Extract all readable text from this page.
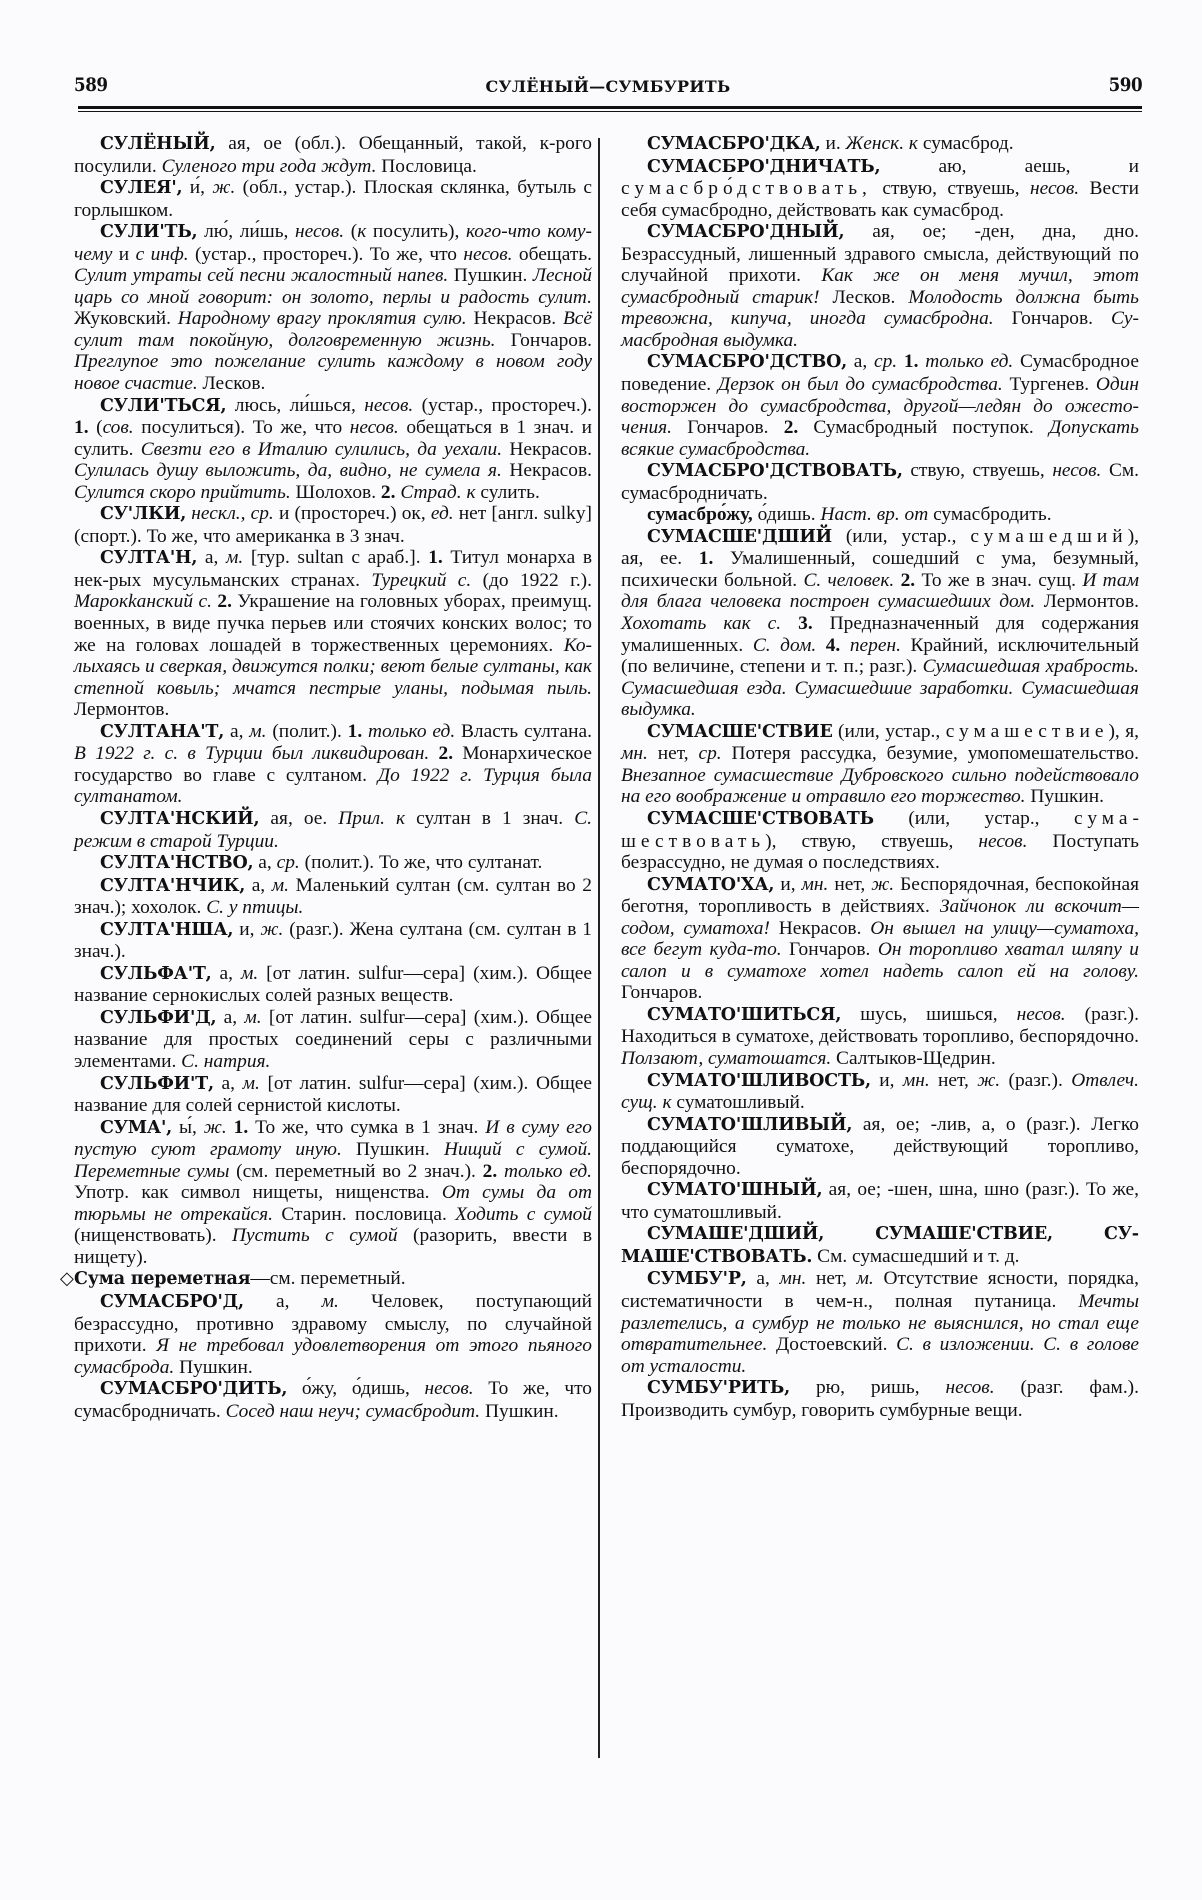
589	СУЛЁНЫЙ—СУМБУРИТЬ	590

СУЛЁНЫЙ, ая, ое (обл.). Обещанный, такой, к-рого посулили. Суленого три года ждут. Пословица.

СУЛЕЯ', и́, ж. (обл., устар.). Плоская склянка, бутыль с горлышком.

СУЛИ'ТЬ, лю́, ли́шь, несов. (к посулить), кого-что кому-чему и с инф. (устар., простореч.). То же, что несов. обещать. Сулит утраты сей песни жалостный напев. Пушкин. Лесной царь со мной говорит: он золото, перлы и радость сулит. Жуковский. Народному врагу проклятия сулю. Некрасов. Всё сулит там покойную, долговременную жизнь. Гончаров. Преглупое это пожелание сулить каждому в новом году новое счастие. Лесков.

СУЛИ'ТЬСЯ, люсь, ли́шься, несов. (устар., простореч.). 1. (сов. посулиться). То же, что несов. обещаться в 1 знач. и сулить. Свезти его в Италию сулились, да уехали. Некрасов. Сулилась душу выложить, да, видно, не сумела я. Некрасов. Сулится скоро прийтить. Шолохов. 2. Страд. к сулить.

СУ'ЛКИ, нескл., ср. и (простореч.) ок, ед. нет [англ. sulky] (спорт.). То же, что американка в 3 знач.

СУЛТА'Н, а, м. [тур. sultan с араб.]. 1. Титул монарха в нек-рых мусульманских странах. Турецкий с. (до 1922 г.). Марокkанский с. 2. Украшение на головных уборах, преимущ. военных, в виде пучка перьев или стоячих конских волос; то же на головах лошадей в торжественных церемониях. Колыхаясь и сверкая, движутся полки; веют белые султаны, как степной ковыль; мчатся пестрые уланы, подымая пыль. Лермонтов.

СУЛТАНА'Т, а, м. (полит.). 1. только ед. Власть султана. В 1922 г. с. в Турции был ликвидирован. 2. Монархическое государство во главе с султаном. До 1922 г. Турция была султанатом.

СУЛТА'НСКИЙ, ая, ое. Прил. к султан в 1 знач. С. режим в старой Турции.

СУЛТА'НСТВО, а, ср. (полит.). То же, что султанат.

СУЛТА'НЧИК, а, м. Маленький султан (см. султан во 2 знач.); хохолок. С. у птицы.

СУЛТА'НША, и, ж. (разг.). Жена султана (см. султан в 1 знач.).

СУЛЬФА'Т, а, м. [от латин. sulfur—сера] (хим.). Общее название сернокислых солей разных веществ.

СУЛЬФИ'Д, а, м. [от латин. sulfur—сера] (хим.). Общее название для простых соединений серы с различными элементами. С. натрия.

СУЛЬФИ'Т, а, м. [от латин. sulfur—сера] (хим.). Общее название для солей сернистой кислоты.

СУМА', ы́, ж. 1. То же, что сумка в 1 знач. И в суму его пустую суют грамоту иную. Пушкин. Нищий с сумой. Переметные сумы (см. переметный во 2 знач.). 2. только ед. Употр. как символ нищеты, нищенства. От сумы да от тюрьмы не отрекайся. Старин. пословица. Ходить с сумой (нищенствовать). Пустить с сумой (разорить, ввести в нищету).

◇ Сума переметная—см. переметный.

СУМАСБРО'Д, а, м. Человек, поступающий безрассудно, противно здравому смыслу, по случайной прихоти. Я не требовал удовлетворения от этого пьяного сумасброда. Пушкин.

СУМАСБРО'ДИТЬ, о́жу, о́дишь, несов. То же, что сумасбродничать. Сосед наш неуч; сумасбродит. Пушкин.

СУМАСБРО'ДКА, и. Женск. к сумасброд.

СУМАСБРО'ДНИЧАТЬ, аю, аешь, и сумасбро́дствовать, ствую, ствуешь, несов. Вести себя сумасбродно, действовать как сумасброд.

СУМАСБРО'ДНЫЙ, ая, ое; -ден, дна, дно. Безрассудный, лишенный здравого смысла, действующий по случайной прихоти. Как же он меня мучил, этот сумасбродный старик! Лесков. Молодость должна быть тревожна, кипуча, иногда сумасбродна. Гончаров. Сумасбродная выдумка.

СУМАСБРО'ДСТВО, а, ср. 1. только ед. Сумасбродное поведение. Дерзок он был до сумасбродства. Тургенев. Один восторжен до сумасбродства, другой—ледян до ожесточения. Гончаров. 2. Сумасбродный поступок. Допускать всякие сумасбродства.

СУМАСБРО'ДСТВОВАТЬ, ствую, ствуешь, несов. См. сумасбродничать.

сумасбро́жу, о́дишь. Наст. вр. от сумасбродить.

СУМАСШЕ'ДШИЙ (или, устар., сумашедший), ая, ее. 1. Умалишенный, сошедший с ума, безумный, психически больной. С. человек. 2. То же в знач. сущ. И там для блага человека построен сумасшедших дом. Лермонтов. Хохотать как с. 3. Предназначенный для содержания умалишенных. С. дом. 4. перен. Крайний, исключительный (по величине, степени и т. п.; разг.). Сумасшедшая храбрость. Сумасшедшая езда. Сумасшедшие заработки. Сумасшедшая выдумка.

СУМАСШЕ'СТВИЕ (или, устар., сумашествие), я, мн. нет, ср. Потеря рассудка, безумие, умопомешательство. Внезапное сумасшествие Дубровского сильно подействовало на его воображение и отравило его торжество. Пушкин.

СУМАСШЕ'СТВОВАТЬ (или, устар., сумашествовать), ствую, ствуешь, несов. Поступать безрассудно, не думая о последствиях.

СУМАТО'ХА, и, мн. нет, ж. Беспорядочная, беспокойная беготня, торопливость в действиях. Зайчонок ли вскочит—содом, суматоха! Некрасов. Он вышел на улицу—суматоха, все бегут куда-то. Гончаров. Он торопливо хватал шляпу и салоп и в суматохе хотел надеть салоп ей на голову. Гончаров.

СУМАТО'ШИТЬСЯ, шусь, шишься, несов. (разг.). Находиться в суматохе, действовать торопливо, беспорядочно. Ползают, суматошатся. Салтыков-Щедрин.

СУМАТО'ШЛИВОСТЬ, и, мн. нет, ж. (разг.). Отвлеч. сущ. к суматошливый.

СУМАТО'ШЛИВЫЙ, ая, ое; -лив, а, о (разг.). Легко поддающийся суматохе, действующий торопливо, беспорядочно.

СУМАТО'ШНЫЙ, ая, ое; -шен, шна, шно (разг.). То же, что суматошливый.

СУМАШЕ'ДШИЙ, СУМАШЕ'СТВИЕ, СУМАШЕ'СТВОВАТЬ. См. сумасшедший и т. д.

СУМБУ'Р, а, мн. нет, м. Отсутствие ясности, порядка, систематичности в чем-н., полная путаница. Мечты разлетелись, а сумбур не только не выяснился, но стал еще отвратительнее. Достоевский. С. в изложении. С. в голове от усталости.

СУМБУ'РИТЬ, рю, ришь, несов. (разг. фам.). Производить сумбур, говорить сумбурные вещи.
